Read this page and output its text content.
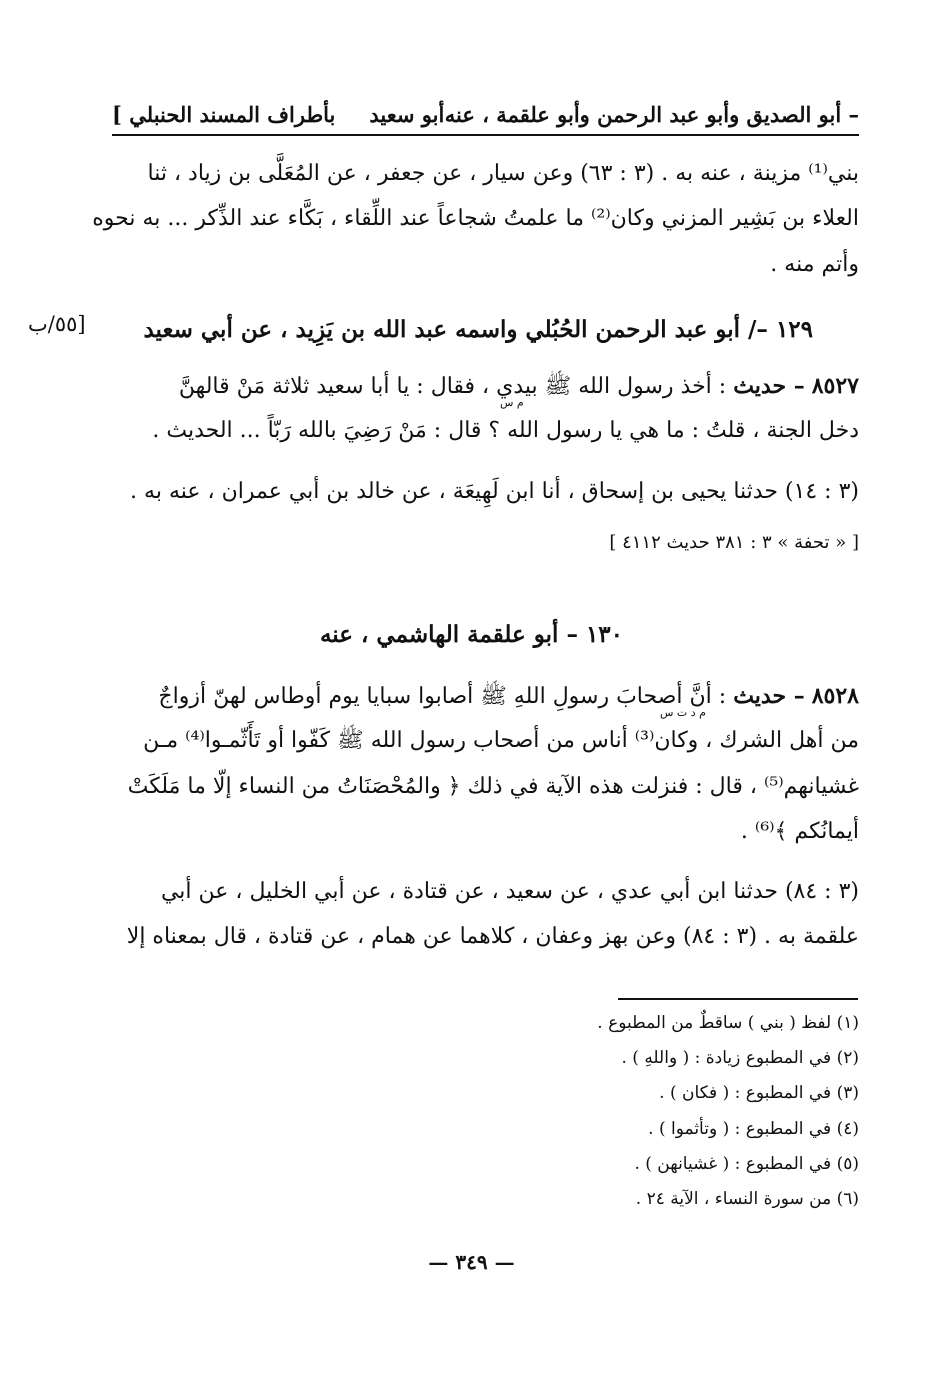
بأطراف المسند الحنبلي ] أبو سعيد – أبو الصديق وأبو عبد الرحمن وأبو علقمة ، عنه
بني⁽¹⁾ مزينة ، عنه به . (٣ : ٦٣) وعن سيار ، عن جعفر ، عن المُعَلَّى بن زياد ، ثنا
العلاء بن بَشِير المزني وكان⁽²⁾ ما علمتُ شجاعاً عند اللِّقاء ، بَكَّاء عند الذِّكر ... به نحوه
وأتم منه .
١٢٩ –/ أبو عبد الرحمن الحُبُلي واسمه عبد الله بن يَزِيد ، عن أبي سعيد
[٥٥/ب
٨٥٢٧ – حديث : أخذ رسول الله ﷺ بيدي ، فقال : يا أبا سعيد ثلاثة مَنْ قالهنَّ
م س
دخل الجنة ، قلتُ : ما هي يا رسول الله ؟ قال : مَنْ رَضِيَ بالله رَبّاً ... الحديث .
(٣ : ١٤) حدثنا يحيى بن إسحاق ، أنا ابن لَهِيعَة ، عن خالد بن أبي عمران ، عنه به .
[ « تحفة » ٣ : ٣٨١ حديث ٤١١٢ ]
١٣٠ – أبو علقمة الهاشمي ، عنه
٨٥٢٨ – حديث : أنَّ أصحابَ رسولِ اللهِ ﷺ أصابوا سبايا يوم أوطاس لهنّ أزواجٌ
م د ت س
من أهل الشرك ، وكان⁽³⁾ أناس من أصحاب رسول الله ﷺ كَفّوا أو تَأَثّمـوا⁽⁴⁾ مـن
غشيانهم⁽⁵⁾ ، قال : فنزلت هذه الآية في ذلك ﴿ والمُحْصَنَاتُ من النساء إلّا ما مَلَكَتْ
أيمانُكم ﴾⁽⁶⁾ .
(٣ : ٨٤) حدثنا ابن أبي عدي ، عن سعيد ، عن قتادة ، عن أبي الخليل ، عن أبي
علقمة به . (٣ : ٨٤) وعن بهز وعفان ، كلاهما عن همام ، عن قتادة ، قال بمعناه إلا
(١) لفظ ( بني ) ساقطٌ من المطبوع .
(٢) في المطبوع زيادة : ( واللهِ ) .
(٣) في المطبوع : ( فكان ) .
(٤) في المطبوع : ( وتأثموا ) .
(٥) في المطبوع : ( غشيانهن ) .
(٦) من سورة النساء ، الآية ٢٤ .
— ٣٤٩ —
